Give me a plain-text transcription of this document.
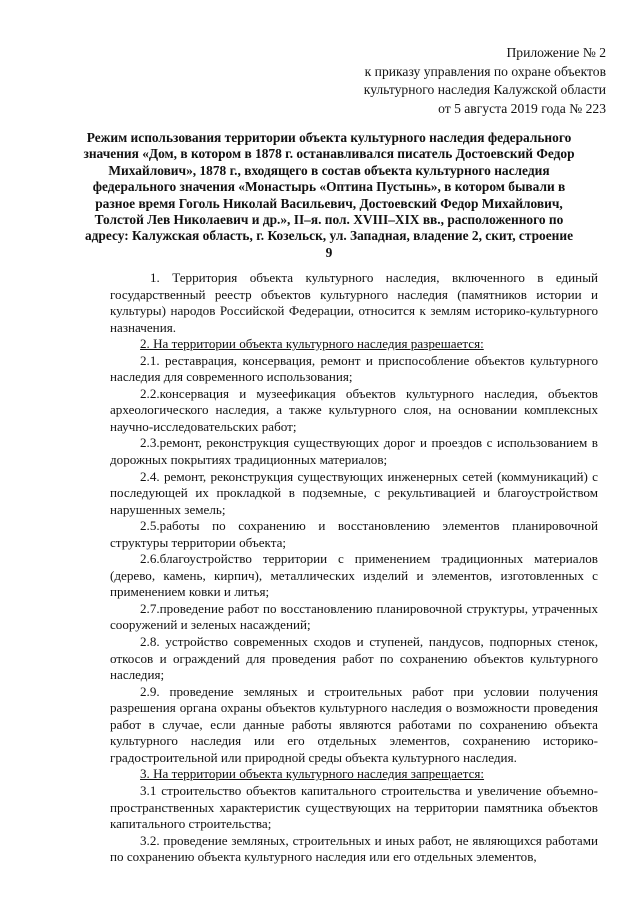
Приложение № 2
к приказу управления по охране объектов
культурного наследия Калужской области
от 5 августа 2019 года № 223
Режим использования территории объекта культурного наследия федерального значения «Дом, в котором в 1878 г. останавливался писатель Достоевский Федор Михайлович», 1878 г., входящего в состав объекта культурного наследия федерального значения «Монастырь «Оптина Пустынь», в котором бывали в разное время Гоголь Николай Васильевич, Достоевский Федор Михайлович, Толстой Лев Николаевич и др.», II–я. пол. XVIII–XIX вв., расположенного по адресу: Калужская область, г. Козельск, ул. Западная, владение 2, скит, строение 9

1. Территория объекта культурного наследия, включенного в единый государственный реестр объектов культурного наследия (памятников истории и культуры) народов Российской Федерации, относится к землям историко-культурного назначения.

2. На территории объекта культурного наследия разрешается:

2.1. реставрация, консервация, ремонт и приспособление объектов культурного наследия для современного использования;

2.2.консервация и музеефикация объектов культурного наследия, объектов археологического наследия, а также культурного слоя, на основании комплексных научно-исследовательских работ;

2.3.ремонт, реконструкция существующих дорог и проездов с использованием в дорожных покрытиях традиционных материалов;

2.4. ремонт, реконструкция существующих инженерных сетей (коммуникаций) с последующей их прокладкой в подземные, с рекультивацией и благоустройством нарушенных земель;

2.5.работы по сохранению и восстановлению элементов планировочной структуры территории объекта;

2.6.благоустройство территории с применением традиционных материалов (дерево, камень, кирпич), металлических изделий и элементов, изготовленных с применением ковки и литья;

2.7.проведение работ по восстановлению планировочной структуры, утраченных сооружений и зеленых насаждений;

2.8. устройство современных сходов и ступеней, пандусов, подпорных стенок, откосов и ограждений для проведения работ по сохранению объектов культурного наследия;

2.9. проведение земляных и строительных работ при условии получения разрешения органа охраны объектов культурного наследия о возможности проведения работ в случае, если данные работы являются работами по сохранению объекта культурного наследия или его отдельных элементов, сохранению историко-градостроительной или природной среды объекта культурного наследия.

3. На территории объекта культурного наследия запрещается:

3.1 строительство объектов капитального строительства и увеличение объемно-пространственных характеристик существующих на территории памятника объектов капитального строительства;

3.2. проведение земляных, строительных и иных работ, не являющихся работами по сохранению объекта культурного наследия или его отдельных элементов,
